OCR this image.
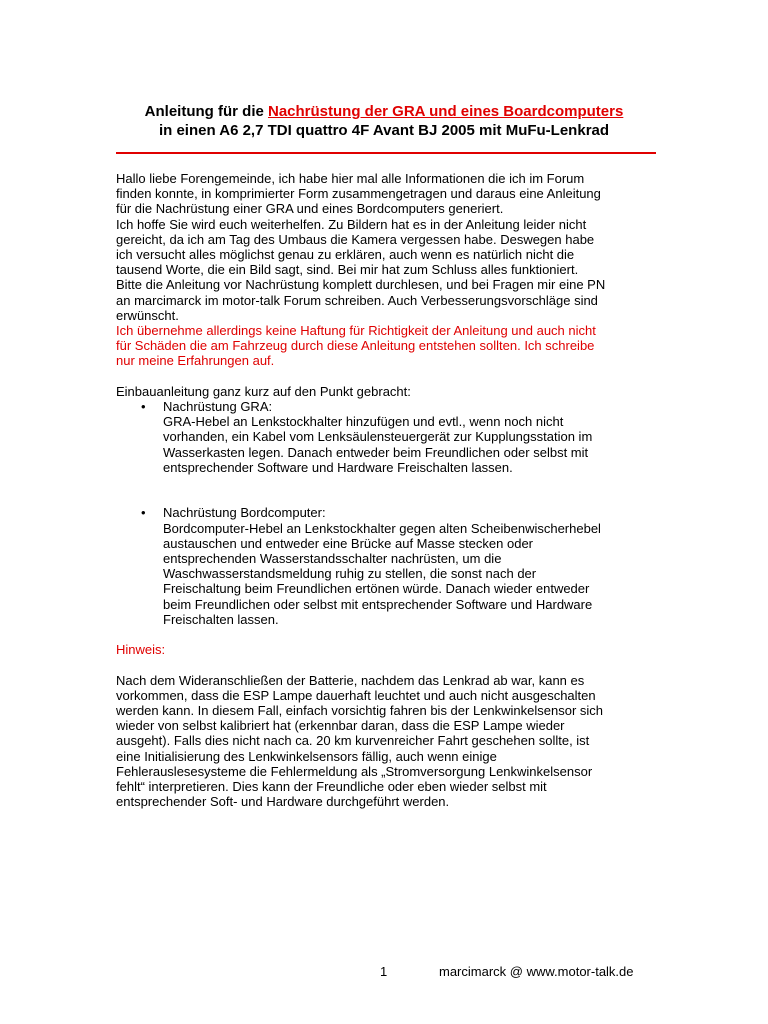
Anleitung für die Nachrüstung der GRA und eines Boardcomputers
in einen A6 2,7 TDI quattro 4F Avant BJ 2005 mit MuFu-Lenkrad
Hallo liebe Forengemeinde, ich habe hier mal alle Informationen die ich im Forum
finden konnte, in komprimierter Form zusammengetragen und daraus eine Anleitung
für die Nachrüstung einer GRA und eines Bordcomputers generiert.
Ich hoffe Sie wird euch weiterhelfen. Zu Bildern hat es in der Anleitung leider nicht
gereicht, da ich am Tag des Umbaus die Kamera vergessen habe. Deswegen habe
ich versucht alles möglichst genau zu erklären, auch wenn es natürlich nicht die
tausend Worte, die ein Bild sagt, sind. Bei mir hat zum Schluss alles funktioniert.
Bitte die Anleitung vor Nachrüstung komplett durchlesen, und bei Fragen mir eine PN
an marcimarck im motor-talk Forum schreiben. Auch Verbesserungsvorschläge sind
erwünscht.
Ich übernehme allerdings keine Haftung für Richtigkeit der Anleitung und auch nicht
für Schäden die am Fahrzeug durch diese Anleitung entstehen sollten. Ich schreibe
nur meine Erfahrungen auf.
Einbauanleitung ganz kurz auf den Punkt gebracht:
• Nachrüstung GRA:
GRA-Hebel an Lenkstockhalter hinzufügen und evtl., wenn noch nicht
vorhanden, ein Kabel vom Lenksäulensteuergerät zur Kupplungsstation im
Wasserkasten legen. Danach entweder beim Freundlichen oder selbst mit
entsprechender Software und Hardware Freischalten lassen.
• Nachrüstung Bordcomputer:
Bordcomputer-Hebel an Lenkstockhalter gegen alten Scheibenwischerhebel
austauschen und entweder eine Brücke auf Masse stecken oder
entsprechenden Wasserstandsschalter nachrüsten, um die
Waschwasserstandsmeldung ruhig zu stellen, die sonst nach der
Freischaltung beim Freundlichen ertönen würde. Danach wieder entweder
beim Freundlichen oder selbst mit entsprechender Software und Hardware
Freischalten lassen.
Hinweis:
Nach dem Wideranschließen der Batterie, nachdem das Lenkrad ab war, kann es
vorkommen, dass die ESP Lampe dauerhaft leuchtet und auch nicht ausgeschalten
werden kann. In diesem Fall, einfach vorsichtig fahren bis der Lenkwinkelsensor sich
wieder von selbst kalibriert hat (erkennbar daran, dass die ESP Lampe wieder
ausgeht). Falls dies nicht nach ca. 20 km kurvenreicher Fahrt geschehen sollte, ist
eine Initialisierung des Lenkwinkelsensors fällig, auch wenn einige
Fehlerauslesesysteme die Fehlermeldung als „Stromversorgung Lenkwinkelsensor
fehlt“ interpretieren. Dies kann der Freundliche oder eben wieder selbst mit
entsprechender Soft- und Hardware durchgeführt werden.
1	marcimarck @ www.motor-talk.de
